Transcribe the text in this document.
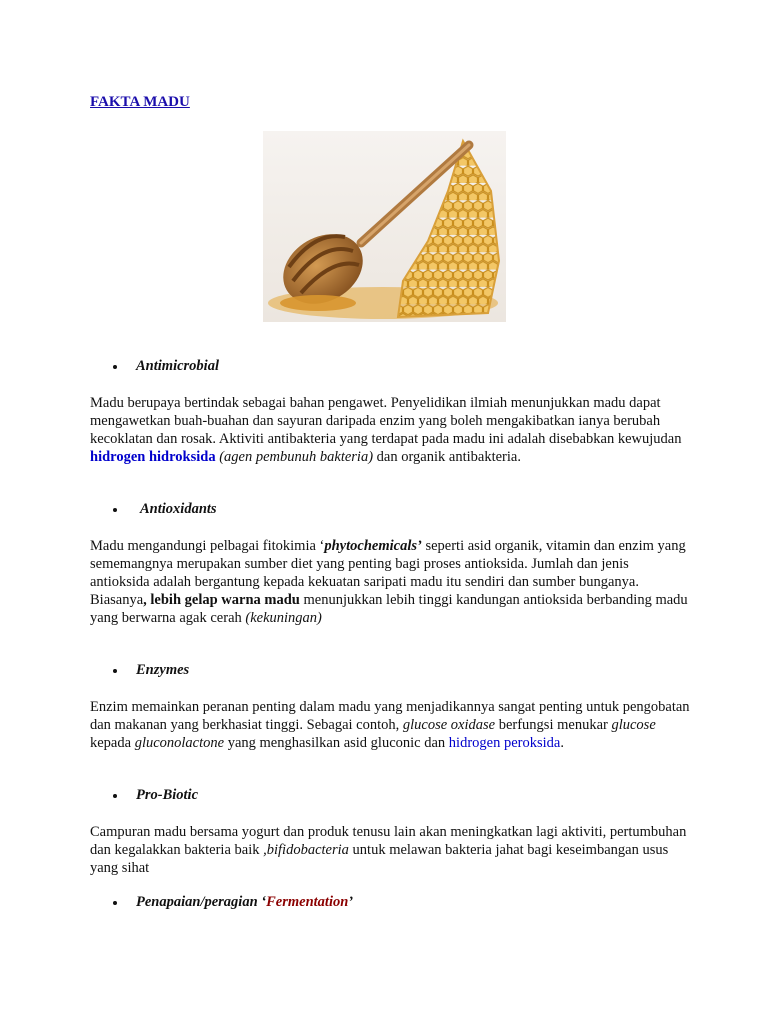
FAKTA MADU
Antimicrobial

Madu berupaya bertindak sebagai bahan pengawet. Penyelidikan ilmiah menunjukkan madu dapat mengawetkan buah-buahan dan sayuran daripada enzim yang boleh mengakibatkan ianya berubah kecoklatan dan rosak. Aktiviti antibakteria yang terdapat pada madu ini adalah disebabkan kewujudan hidrogen hidroksida (agen pembunuh bakteria) dan organik antibakteria.

Antioxidants

Madu mengandungi pelbagai fitokimia ‘phytochemicals’ seperti asid organik, vitamin dan enzim yang sememangnya merupakan sumber diet yang penting bagi proses antioksida. Jumlah dan jenis antioksida adalah bergantung kepada kekuatan saripati madu itu sendiri dan sumber bunganya. Biasanya, lebih gelap warna madu menunjukkan lebih tinggi kandungan antioksida berbanding madu yang berwarna agak cerah (kekuningan)

Enzymes

Enzim memainkan peranan penting dalam madu yang menjadikannya sangat penting untuk pengobatan dan makanan yang berkhasiat tinggi. Sebagai contoh, glucose oxidase berfungsi menukar glucose kepada gluconolactone yang menghasilkan asid gluconic dan hidrogen peroksida.

Pro-Biotic

Campuran madu bersama yogurt dan produk tenusu lain akan meningkatkan lagi aktiviti, pertumbuhan dan kegalakkan bakteria baik ,bifidobacteria untuk melawan bakteria jahat bagi keseimbangan usus yang sihat

Penapaian/peragian ‘Fermentation’
